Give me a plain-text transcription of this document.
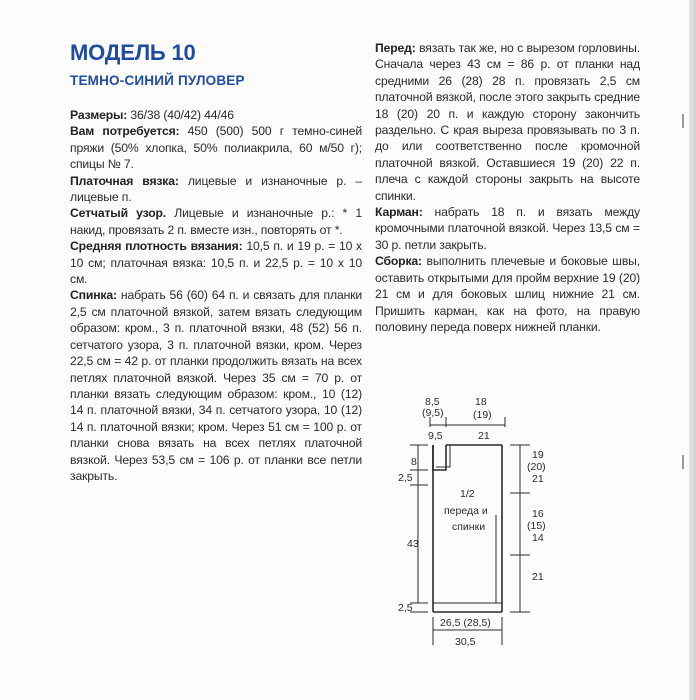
МОДЕЛЬ 10
ТЕМНО-СИНИЙ ПУЛОВЕР

Размеры: 36/38 (40/42) 44/46

Вам потребуется: 450 (500) 500 г темно-синей пряжи (50% хлопка, 50% полиакрила, 60 м/50 г); спицы № 7.

Платочная вязка: лицевые и изнаночные р. – лицевые п.

Сетчатый узор. Лицевые и изнаночные р.: * 1 накид, провязать 2 п. вместе изн., повторять от *.

Средняя плотность вязания: 10,5 п. и 19 р. = 10 х 10 см; платочная вязка: 10,5 п. и 22,5 р. = 10 х 10 см.

Спинка: набрать 56 (60) 64 п. и связать для планки 2,5 см платочной вязкой, затем вязать следующим образом: кром., 3 п. платочной вязки, 48 (52) 56 п. сетчатого узора, 3 п. платочной вязки, кром. Через 22,5 см = 42 р. от планки продолжить вязать на всех петлях платочной вязкой. Через 35 см = 70 р. от планки вязать следующим образом: кром., 10 (12) 14 п. платочной вязки, 34 п. сетчатого узора, 10 (12) 14 п. платочной вязки; кром. Через 51 см = 100 р. от планки снова вязать на всех петлях платочной вязкой. Через 53,5 см = 106 р. от планки все петли закрыть.

Перед: вязать так же, но с вырезом горловины. Сначала через 43 см = 86 р. от планки над средними 26 (28) 28 п. провязать 2,5 см платочной вязкой, после этого закрыть средние 18 (20) 20 п. и каждую сторону закончить раздельно. С края выреза провязывать по 3 п. до или соответственно после кромочной платочной вязкой. Оставшиеся 19 (20) 22 п. плеча с каждой стороны закрыть на высоте спинки.

Карман: набрать 18 п. и вязать между кромочными платочной вязкой. Через 13,5 см = 30 р. петли закрыть.

Сборка: выполнить плечевые и боковые швы, оставить открытыми для пройм верхние 19 (20) 21 см и для боковых шлиц нижние 21 см. Пришить карман, как на фото, на правую половину переда поверх нижней планки.

8,5
(9,5)
9,5
18
(19)
21
8
2,5
43
2,5
19
(20)
21
16
(15)
14
21
1/2
переда и
спинки
26,5 (28,5)
30,5
